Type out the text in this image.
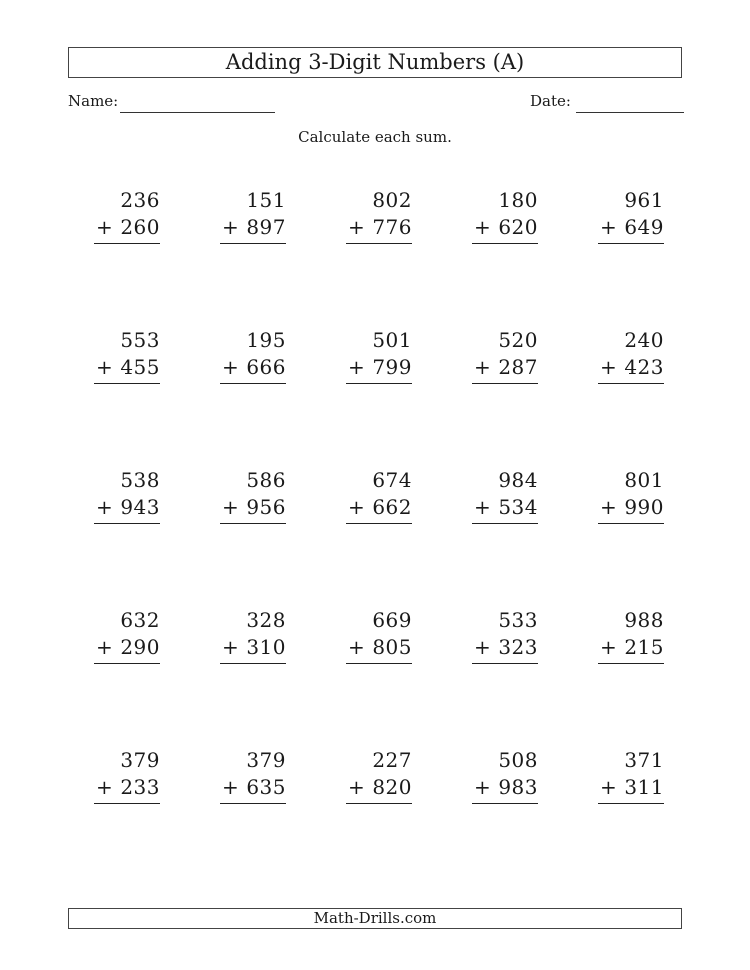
Adding 3-Digit Numbers (A)
Name:	Date:
Calculate each sum.
236
+ 260
151
+ 897
802
+ 776
180
+ 620
961
+ 649
553
+ 455
195
+ 666
501
+ 799
520
+ 287
240
+ 423
538
+ 943
586
+ 956
674
+ 662
984
+ 534
801
+ 990
632
+ 290
328
+ 310
669
+ 805
533
+ 323
988
+ 215
379
+ 233
379
+ 635
227
+ 820
508
+ 983
371
+ 311
Math-Drills.com
